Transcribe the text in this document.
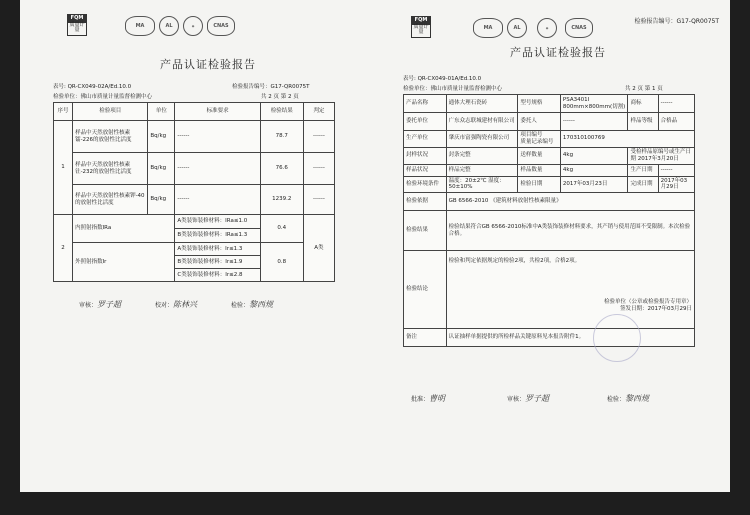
FQM
质量计量
MA	AL	◉	CNAS
产品认证检验报告
表号: QR-CX049-02A/Ed.10.0	检验报告编号：G17-QR0075T
检验单位：佛山市质量计量监督检测中心	共 2 页 第 2 页
序号	检验项目	单位	标准要求	检验结果	判定
1	样品中天然放射性核素镭-226的放射性比活度	Bq/kg	------	78.7	------
	样品中天然放射性核素钍-232的放射性比活度	Bq/kg	------	76.6	------
	样品中天然放射性核素钾-40的放射性比活度	Bq/kg	------	1239.2	------
2	内照射指数IRa		A类装饰装修材料：IRa≤1.0	0.4	A类
			B类装饰装修材料：IRa≤1.3		
	外照射指数Ir		A类装饰装修材料：Ir≤1.3	0.8	
			B类装饰装修材料：Ir≤1.9		
			C类装饰装修材料：Ir≤2.8		
审核：罗子超	校对：陈林兴	检验：黎西规
FQM
质量计量
MA	AL	◉	CNAS
检验报告编号：G17-QR0075T
产品认证检验报告
表号: QR-CX049-01A/Ed.10.0
检验单位：佛山市质量计量监督检测中心	共 2 页 第 1 页
产品名称	通体大理石瓷砖	型号规格	PSA3401I 800mm×800mm(切割)	商标	------
委托单位	广东众志联城建材有限公司	委托人	------	样品等级	合格品
生产单位	肇庆市富强陶瓷有限公司	项目编号
质量记录编号	170310100769		
封样状况	封条完整	送样数量	4kg	受检样品原编号或生产日期 2017年3月20日	
样品状况	样品完整	样品数量	4kg	生产日期	------
检验环境条件	温度：20±2℃ 湿度：50±10%	检验日期	2017年03月23日	完成日期	2017年03月29日
检验依据	GB 6566-2010 《建筑材料放射性核素限量》				
检验结果	检验结果符合GB 6566-2010标准中A类装饰装修材料要求，其产销与使用范围不受限制。本次检验合格。				
检验结论	检验和判定依据规定的检验2项，共检2项，合格2项。
检验单位（公章或检验报告专用章）
签发日期：2017年03月29日				

备注	认证抽样单据提供的所检样品关键原料见本报告附件1。				
批准：曹明	审核：罗子超	检验：黎西规
